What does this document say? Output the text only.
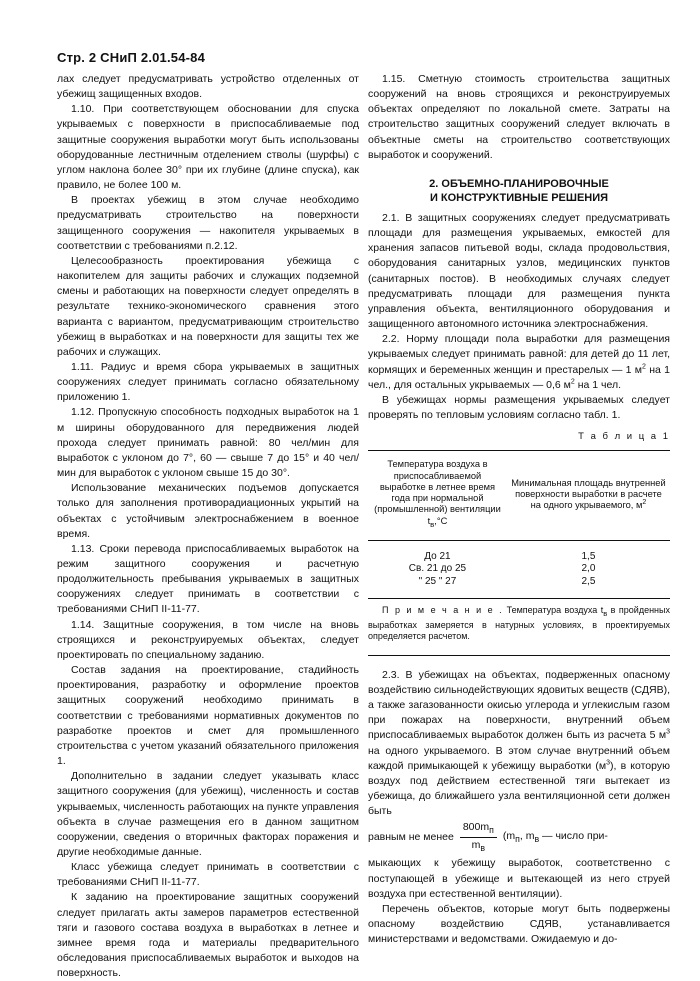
Стр. 2 СНиП 2.01.54-84

лах следует предусматривать устройство отделенных от убежищ защищенных входов.

1.10. При соответствующем обосновании для спуска укрываемых с поверхности в приспосабливаемые под защитные сооружения выработки могут быть использованы оборудованные лестничным отделением стволы (шурфы) с углом наклона более 30° при их глубине (длине спуска), как правило, не более 100 м.

В проектах убежищ в этом случае необходимо предусматривать строительство на поверхности защищенного сооружения — накопителя укрываемых в соответствии с требованиями п.2.12.

Целесообразность проектирования убежища с накопителем для защиты рабочих и служащих подземной смены и работающих на поверхности следует определять в результате технико-экономического сравнения этого варианта с вариантом, предусматривающим строительство убежищ в выработках и на поверхности для защиты тех же рабочих и служащих.

1.11. Радиус и время сбора укрываемых в защитных сооружениях следует принимать согласно обязательному приложению 1.

1.12. Пропускную способность подходных выработок на 1 м ширины оборудованного для передвижения людей прохода следует принимать равной: 80 чел/мин для выработок с уклоном до 7°, 60 — свыше 7 до 15° и 40 чел/мин для выработок с уклоном свыше 15 до 30°.

Использование механических подъемов допускается только для заполнения противорадиационных укрытий на объектах с устойчивым электроснабжением в военное время.

1.13. Сроки перевода приспосабливаемых выработок на режим защитного сооружения и расчетную продолжительность пребывания укрываемых в защитных сооружениях следует принимать в соответствии с требованиями СНиП II-11-77.

1.14. Защитные сооружения, в том числе на вновь строящихся и реконструируемых объектах, следует проектировать по специальному заданию.

Состав задания на проектирование, стадийность проектирования, разработку и оформление проектов защитных сооружений необходимо принимать в соответствии с требованиями нормативных документов по разработке проектов и смет для промышленного строительства с учетом указаний обязательного приложения 1.

Дополнительно в задании следует указывать класс защитного сооружения (для убежищ), численность и состав укрываемых, численность работающих на пункте управления объекта в случае размещения его в данном защитном сооружении, сведения о вторичных факторах поражения и другие необходимые данные.

Класс убежища следует принимать в соответствии с требованиями СНиП II-11-77.

К заданию на проектирование защитных сооружений следует прилагать акты замеров параметров естественной тяги и газового состава воздуха в выработках в летнее и зимнее время года и материалы предварительного обследования приспосабливаемых выработок и выходов на поверхность.

1.15. Сметную стоимость строительства защитных сооружений на вновь строящихся и реконструируемых объектах определяют по локальной смете. Затраты на строительство защитных сооружений следует включать в объектные сметы на строительство соответствующих выработок и сооружений.

2. ОБЪЕМНО-ПЛАНИРОВОЧНЫЕ
И КОНСТРУКТИВНЫЕ РЕШЕНИЯ

2.1. В защитных сооружениях следует предусматривать площади для размещения укрываемых, емкостей для хранения запасов питьевой воды, склада продовольствия, оборудования санитарных узлов, медицинских пунктов (санитарных постов). В необходимых случаях следует предусматривать площади для размещения пункта управления объекта, вентиляционного оборудования и защищенного автономного источника электроснабжения.

2.2. Норму площади пола выработки для размещения укрываемых следует принимать равной: для детей до 11 лет, кормящих и беременных женщин и престарелых — 1 $м^2$ на 1 чел., для остальных укрываемых — 0,6 $м^2$ на 1 чел.

В убежищах нормы размещения укрываемых следует проверять по тепловым условиям согласно табл. 1.

Т а б л и ц а 1
Температура воздуха в приспосабливаемой выработке в летнее время года при нормальной (промышленной) вентиляции $t_в,^\circ С$	Минимальная площадь внутренней поверхности выработки в расчете на одного укрываемого, $м^2$
До 21	1,5
Св. 21 до 25	2,0
" 25 " 27	2,5

П р и м е ч а н и е . Температура воздуха $t_в$ в пройденных выработках замеряется в натурных условиях, в проектируемых определяется расчетом.

2.3. В убежищах на объектах, подверженных опасному воздействию сильнодействующих ядовитых веществ (СДЯВ), а также загазованности окисью углерода и углекислым газом при пожарах на поверхности, внутренний объем приспосабливаемых выработок должен быть из расчета 5 $м^3$ на одного укрываемого. В этом случае внутренний объем каждой примыкающей к убежищу выработки $(м^3)$, в которую воздух под действием естественной тяги вытекает из убежища, до ближайшего узла вентиляционной сети должен быть

равным не менее $\frac{800m_п}{m_в} (m_п$, $m_в$ — число при-

мыкающих к убежищу выработок, соответственно с поступающей в убежище и вытекающей из него струей воздуха при естественной вентиляции).

Перечень объектов, которые могут быть подвержены опасному воздействию СДЯВ, устанавливается министерствами и ведомствами. Ожидаемую и до-
